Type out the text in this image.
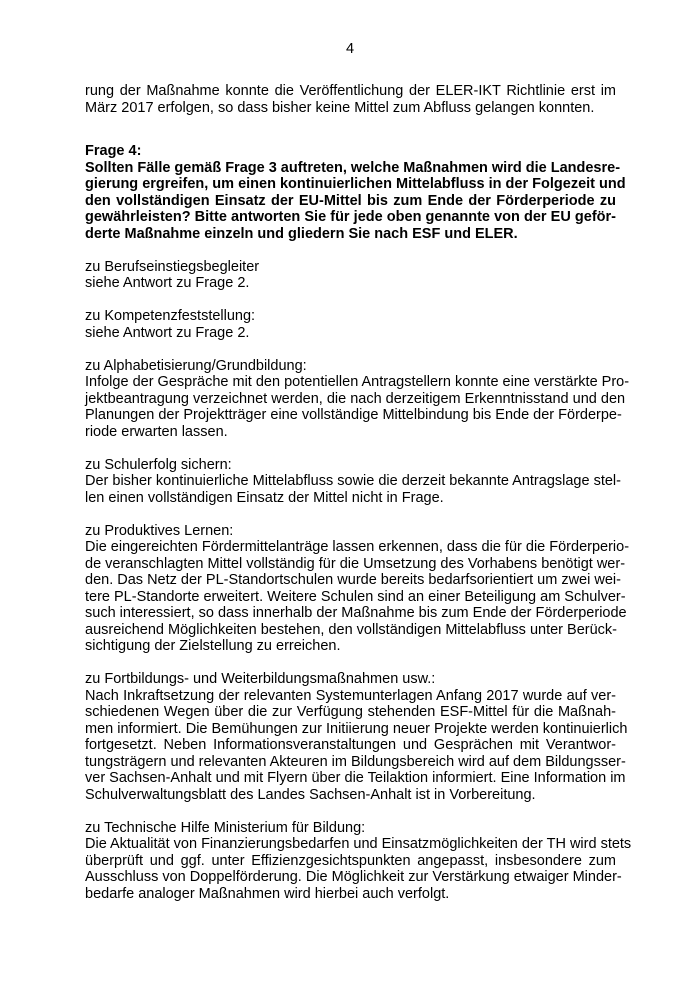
4
rung der Maßnahme konnte die Veröffentlichung der ELER-IKT Richtlinie erst im
März 2017 erfolgen, so dass bisher keine Mittel zum Abfluss gelangen konnten.
Frage 4:
Sollten Fälle gemäß Frage 3 auftreten, welche Maßnahmen wird die Landesre-
gierung ergreifen, um einen kontinuierlichen Mittelabfluss in der Folgezeit und
den vollständigen Einsatz der EU-Mittel bis zum Ende der Förderperiode zu
gewährleisten? Bitte antworten Sie für jede oben genannte von der EU geför-
derte Maßnahme einzeln und gliedern Sie nach ESF und ELER.
zu Berufseinstiegsbegleiter
siehe Antwort zu Frage 2.
zu Kompetenzfeststellung:
siehe Antwort zu Frage 2.
zu Alphabetisierung/Grundbildung:
Infolge der Gespräche mit den potentiellen Antragstellern konnte eine verstärkte Pro-
jektbeantragung verzeichnet werden, die nach derzeitigem Erkenntnisstand und den
Planungen der Projektträger eine vollständige Mittelbindung bis Ende der Förderpe-
riode erwarten lassen.
zu Schulerfolg sichern:
Der bisher kontinuierliche Mittelabfluss sowie die derzeit bekannte Antragslage stel-
len einen vollständigen Einsatz der Mittel nicht in Frage.
zu Produktives Lernen:
Die eingereichten Fördermittelanträge lassen erkennen, dass die für die Förderperio-
de veranschlagten Mittel vollständig für die Umsetzung des Vorhabens benötigt wer-
den. Das Netz der PL-Standortschulen wurde bereits bedarfsorientiert um zwei wei-
tere PL-Standorte erweitert. Weitere Schulen sind an einer Beteiligung am Schulver-
such interessiert, so dass innerhalb der Maßnahme bis zum Ende der Förderperiode
ausreichend Möglichkeiten bestehen, den vollständigen Mittelabfluss unter Berück-
sichtigung der Zielstellung zu erreichen.
zu Fortbildungs- und Weiterbildungsmaßnahmen usw.:
Nach Inkraftsetzung der relevanten Systemunterlagen Anfang 2017 wurde auf ver-
schiedenen Wegen über die zur Verfügung stehenden ESF-Mittel für die Maßnah-
men informiert. Die Bemühungen zur Initiierung neuer Projekte werden kontinuierlich
fortgesetzt. Neben Informationsveranstaltungen und Gesprächen mit Verantwor-
tungsträgern und relevanten Akteuren im Bildungsbereich wird auf dem Bildungsser-
ver Sachsen-Anhalt und mit Flyern über die Teilaktion informiert. Eine Information im
Schulverwaltungsblatt des Landes Sachsen-Anhalt ist in Vorbereitung.
zu Technische Hilfe Ministerium für Bildung:
Die Aktualität von Finanzierungsbedarfen und Einsatzmöglichkeiten der TH wird stets
überprüft und ggf. unter Effizienzgesichtspunkten angepasst, insbesondere zum
Ausschluss von Doppelförderung. Die Möglichkeit zur Verstärkung etwaiger Minder-
bedarfe analoger Maßnahmen wird hierbei auch verfolgt.
